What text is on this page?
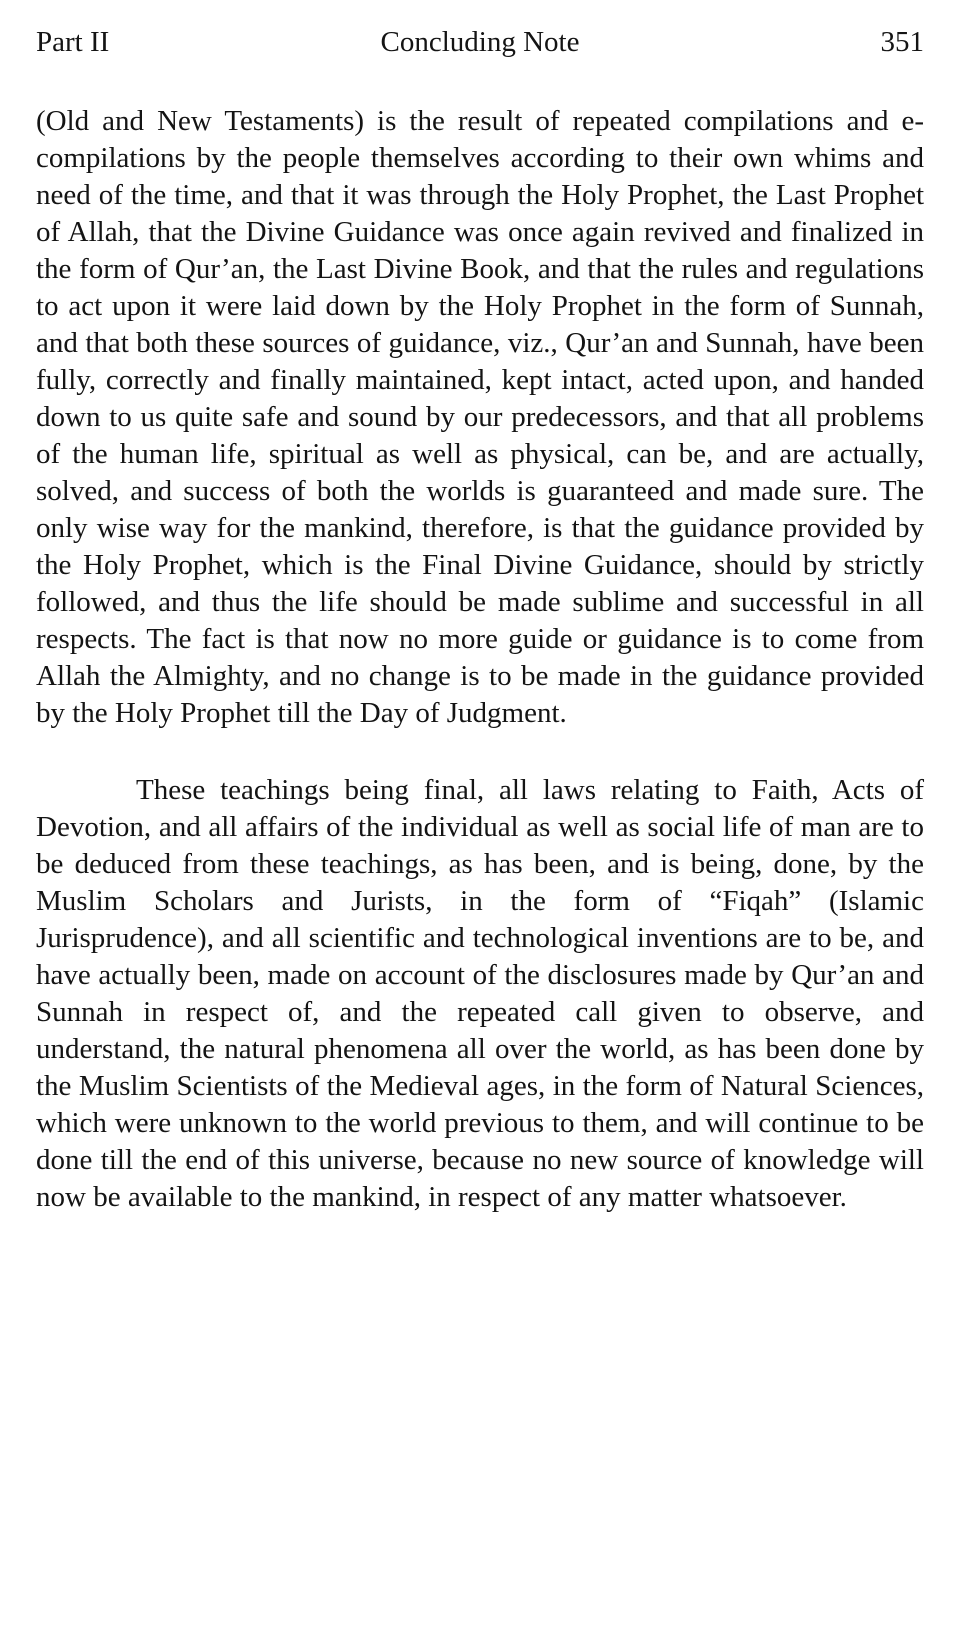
Part II	Concluding Note	351

(Old and New Testaments) is the result of repeated compilations and e-compilations by the people themselves according to their own whims and need of the time, and that it was through the Holy Prophet, the Last Prophet of Allah, that the Divine Guidance was once again revived and finalized in the form of Qur’an, the Last Divine Book, and that the rules and regulations to act upon it were laid down by the Holy Prophet in the form of Sunnah, and that both these sources of guidance, viz., Qur’an and Sunnah, have been fully, correctly and finally maintained, kept intact, acted upon, and handed down to us quite safe and sound by our predecessors, and that all problems of the human life, spiritual as well as physical, can be, and are actually, solved, and success of both the worlds is guaranteed and made sure. The only wise way for the mankind, therefore, is that the guidance provided by the Holy Prophet, which is the Final Divine Guidance, should by strictly followed, and thus the life should be made sublime and successful in all respects. The fact is that now no more guide or guidance is to come from Allah the Almighty, and no change is to be made in the guidance provided by the Holy Prophet till the Day of Judgment.

These teachings being final, all laws relating to Faith, Acts of Devotion, and all affairs of the individual as well as social life of man are to be deduced from these teachings, as has been, and is being, done, by the Muslim Scholars and Jurists, in the form of “Fiqah” (Islamic Jurisprudence), and all scientific and technological inventions are to be, and have actually been, made on account of the disclosures made by Qur’an and Sunnah in respect of, and the repeated call given to observe, and understand, the natural phenomena all over the world, as has been done by the Muslim Scientists of the Medieval ages, in the form of Natural Sciences, which were unknown to the world previous to them, and will continue to be done till the end of this universe, because no new source of knowledge will now be available to the mankind, in respect of any matter whatsoever.
